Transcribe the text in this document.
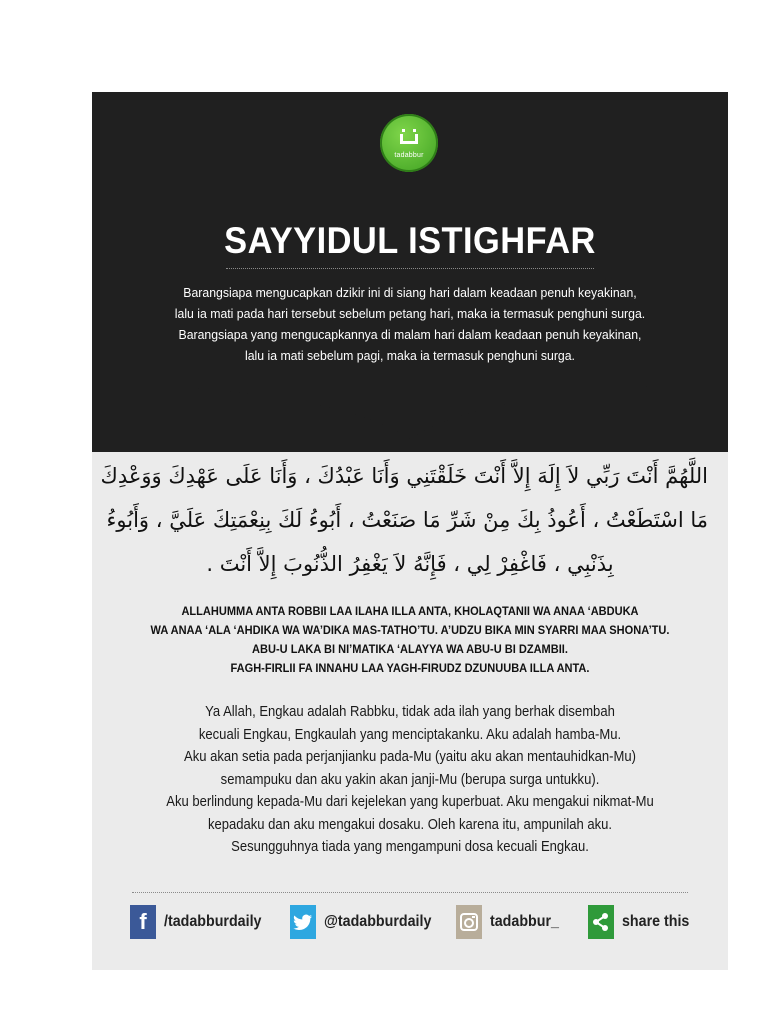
tadabbur
SAYYIDUL ISTIGHFAR
Barangsiapa mengucapkan dzikir ini di siang hari dalam keadaan penuh keyakinan,
lalu ia mati pada hari tersebut sebelum petang hari, maka ia termasuk penghuni surga.
Barangsiapa yang mengucapkannya di malam hari dalam keadaan penuh keyakinan,
lalu ia mati sebelum pagi, maka ia termasuk penghuni surga.
اللَّهُمَّ أَنْتَ رَبِّي لاَ إِلَهَ إِلاَّ أَنْتَ خَلَقْتَنِي وَأَنَا عَبْدُكَ ، وَأَنَا عَلَى عَهْدِكَ وَوَعْدِكَ
مَا اسْتَطَعْتُ ، أَعُوذُ بِكَ مِنْ شَرِّ مَا صَنَعْتُ ، أَبُوءُ لَكَ بِنِعْمَتِكَ عَلَيَّ ، وَأَبُوءُ
بِذَنْبِي ، فَاغْفِرْ لِي ، فَإِنَّهُ لاَ يَغْفِرُ الذُّنُوبَ إِلاَّ أَنْتَ .
ALLAHUMMA ANTA ROBBII LAA ILAHA ILLA ANTA, KHOLAQTANII WA ANAA ‘ABDUKA
WA ANAA ‘ALA ‘AHDIKA WA WA’DIKA MAS-TATHO’TU. A’UDZU BIKA MIN SYARRI MAA SHONA’TU.
ABU-U LAKA BI NI’MATIKA ‘ALAYYA WA ABU-U BI DZAMBII.
FAGH-FIRLII FA INNAHU LAA YAGH-FIRUDZ DZUNUUBA ILLA ANTA.
Ya Allah, Engkau adalah Rabbku, tidak ada ilah yang berhak disembah
kecuali Engkau, Engkaulah yang menciptakanku. Aku adalah hamba-Mu.
Aku akan setia pada perjanjianku pada-Mu (yaitu aku akan mentauhidkan-Mu)
semampuku dan aku yakin akan janji-Mu (berupa surga untukku).
Aku berlindung kepada-Mu dari kejelekan yang kuperbuat. Aku mengakui nikmat-Mu
kepadaku dan aku mengakui dosaku. Oleh karena itu, ampunilah aku.
Sesungguhnya tiada yang mengampuni dosa kecuali Engkau.
f	/tadabburdaily	@tadabburdaily	tadabbur_	share this
